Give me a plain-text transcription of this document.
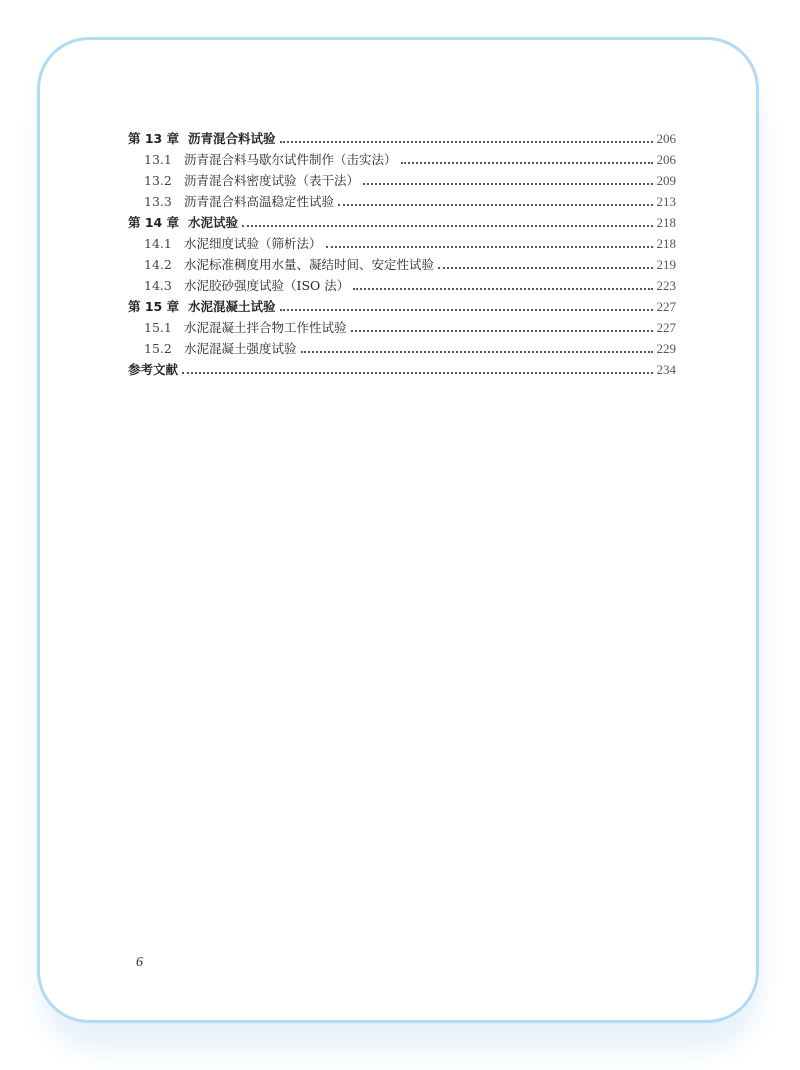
第 13 章 沥青混合料试验	206
13.1 沥青混合料马歇尔试件制作（击实法）	206
13.2 沥青混合料密度试验（表干法）	209
13.3 沥青混合料高温稳定性试验	213
第 14 章 水泥试验	218
14.1 水泥细度试验（筛析法）	218
14.2 水泥标准稠度用水量、凝结时间、安定性试验	219
14.3 水泥胶砂强度试验（ISO 法）	223
第 15 章 水泥混凝土试验	227
15.1 水泥混凝土拌合物工作性试验	227
15.2 水泥混凝土强度试验	229
参考文献	234
6
